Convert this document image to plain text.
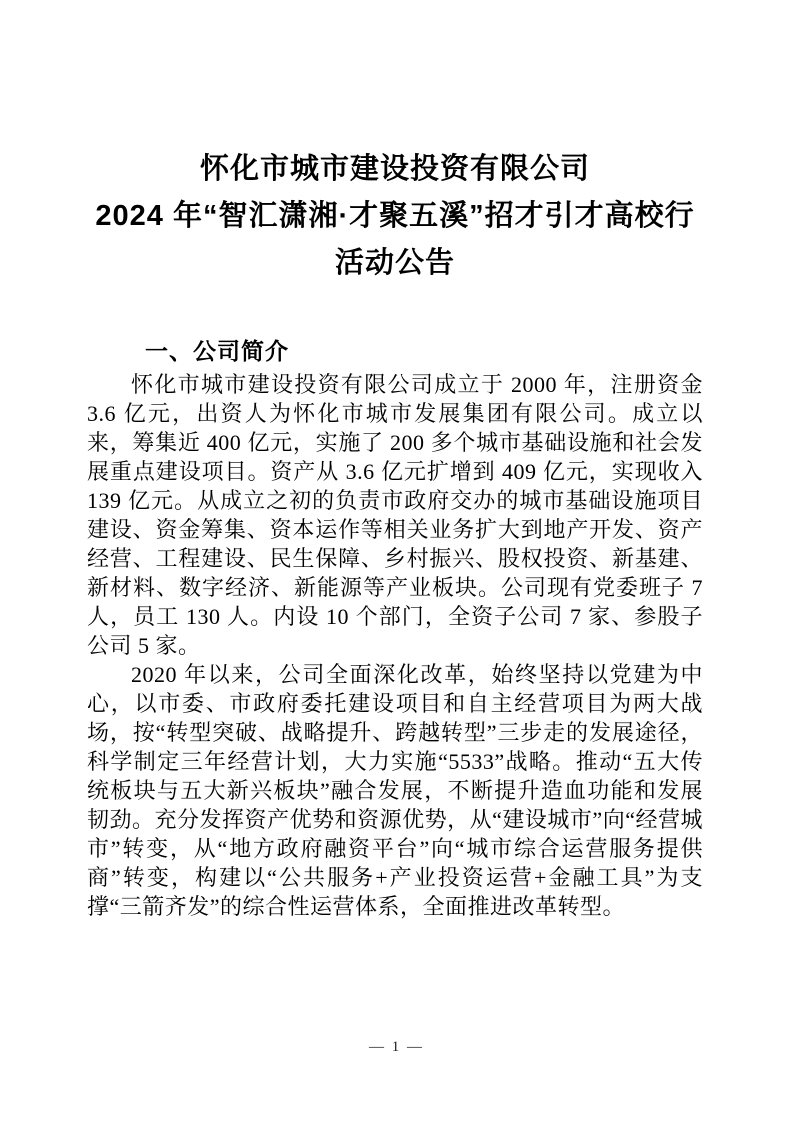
怀化市城市建设投资有限公司
2024 年“智汇潇湘·才聚五溪”招才引才高校行
活动公告
一、公司简介

怀化市城市建设投资有限公司成立于 2000 年，注册资金 3.6 亿元，出资人为怀化市城市发展集团有限公司。成立以来，筹集近 400 亿元，实施了 200 多个城市基础设施和社会发展重点建设项目。资产从 3.6 亿元扩增到 409 亿元，实现收入 139 亿元。从成立之初的负责市政府交办的城市基础设施项目建设、资金筹集、资本运作等相关业务扩大到地产开发、资产经营、工程建设、民生保障、乡村振兴、股权投资、新基建、新材料、数字经济、新能源等产业板块。公司现有党委班子 7 人，员工 130 人。内设 10 个部门，全资子公司 7 家、参股子公司 5 家。

2020 年以来，公司全面深化改革，始终坚持以党建为中心，以市委、市政府委托建设项目和自主经营项目为两大战场，按“转型突破、战略提升、跨越转型”三步走的发展途径，科学制定三年经营计划，大力实施“5533”战略。推动“五大传统板块与五大新兴板块”融合发展，不断提升造血功能和发展韧劲。充分发挥资产优势和资源优势，从“建设城市”向“经营城市”转变，从“地方政府融资平台”向“城市综合运营服务提供商”转变，构建以“公共服务+产业投资运营+金融工具”为支撑“三箭齐发”的综合性运营体系，全面推进改革转型。

— 1 —
